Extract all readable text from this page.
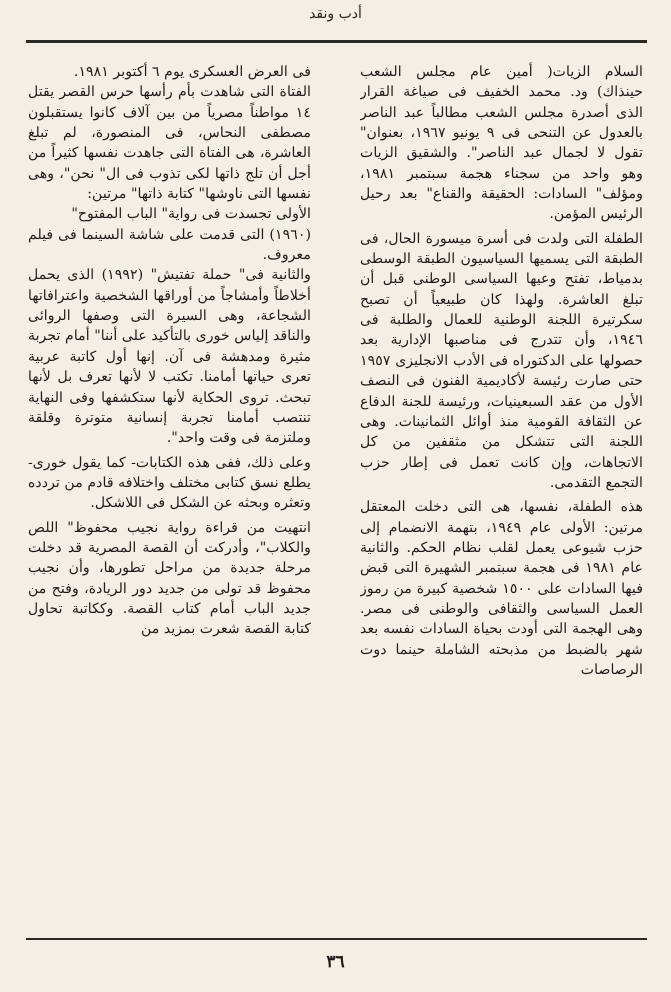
أدب ونقد

السلام الزيات( أمين عام مجلس الشعب حينذاك) ود. محمد الخفيف فى صياغة القرار الذى أصدرة مجلس الشعب مطالباً عبد الناصر بالعدول عن التنحى فى ٩ يونيو ١٩٦٧، بعنوان" تقول لا لجمال عبد الناصر". والشقيق الزيات وهو واحد من سجناء هجمة سبتمبر ١٩٨١، ومؤلف" السادات: الحقيقة والقناع" بعد رحيل الرئيس المؤمن.

الطفلة التى ولدت فى أسرة ميسورة الحال، فى الطبقة التى يسميها السياسيون الطبقة الوسطى بدمياط، تفتح وعيها السياسى الوطنى قبل أن تبلغ العاشرة. ولهذا كان طبيعياً أن تصبح سكرتيرة اللجنة الوطنية للعمال والطلبة فى ١٩٤٦، وأن تتدرج فى مناصبها الإدارية بعد حصولها على الدكتوراه فى الأدب الانجليزى ١٩٥٧ حتى صارت رئيسة لأكاديمية الفنون فى النصف الأول من عقد السبعينيات، ورئيسة للجنة الدفاع عن الثقافة القومية منذ أوائل الثمانينات. وهى اللجنة التى تتشكل من مثقفين من كل الاتجاهات، وإن كانت تعمل فى إطار حزب التجمع التقدمى.

هذه الطفلة، نفسها، هى التى دخلت المعتقل مرتين: الأولى عام ١٩٤٩، بتهمة الانضمام إلى حزب شيوعى يعمل لقلب نظام الحكم. والثانية عام ١٩٨١ فى هجمة سبتمبر الشهيرة التى قبض فيها السادات على ١٥٠٠ شخصية كبيرة من رموز العمل السياسى والثقافى والوطنى فى مصر. وهى الهجمة التى أودت بحياة السادات نفسه بعد شهر بالضبط من مذبحته الشاملة حينما دوت الرصاصات

فى العرض العسكرى يوم ٦ أكتوبر ١٩٨١.

الفتاة التى شاهدت بأم رأسها حرس القصر يقتل ١٤ مواطناً مصرياً من بين آلاف كانوا يستقبلون مصطفى النحاس، فى المنصورة، لم تبلغ العاشرة، هى الفتاة التى جاهدت نفسها كثيراً من أجل أن تلج ذاتها لكى تذوب فى ال" نحن"، وهى نفسها التى ناوشها" كتابة ذاتها" مرتين:

الأولى تجسدت فى رواية" الباب المفتوح"

(١٩٦٠) التى قدمت على شاشة السينما فى فيلم معروف.

والثانية فى" حملة تفتيش" (١٩٩٢) الذى يحمل أخلاطاً وأمشاجاً من أوراقها الشخصية واعترافاتها الشجاعة، وهى السيرة التى وصفها الروائى والناقد إلياس خورى بالتأكيد على أننا" أمام تجربة مثيرة ومدهشة فى آن. إنها أول كاتبة عربية تعرى حياتها أمامنا. تكتب لا لأنها تعرف بل لأنها تبحث. تروى الحكاية لأنها ستكشفها وفى النهاية تنتصب أمامنا تجربة إنسانية متوترة وقلقة وملتزمة فى وقت واحد".

وعلى ذلك، ففى هذه الكتابات- كما يقول خورى- يطلع نسق كتابى مختلف واختلافه قادم من تردده وتعثره وبحثه عن الشكل فى اللاشكل.

انتهيت من قراءة رواية نجيب محفوظ" اللص والكلاب"، وأدركت أن القصة المصرية قد دخلت مرحلة جديدة من مراحل تطورها، وأن نجيب محفوظ قد تولى من جديد دور الريادة، وفتح من جديد الباب أمام كتاب القصة. وككاتبة تحاول كتابة القصة شعرت بمزيد من

٣٦
